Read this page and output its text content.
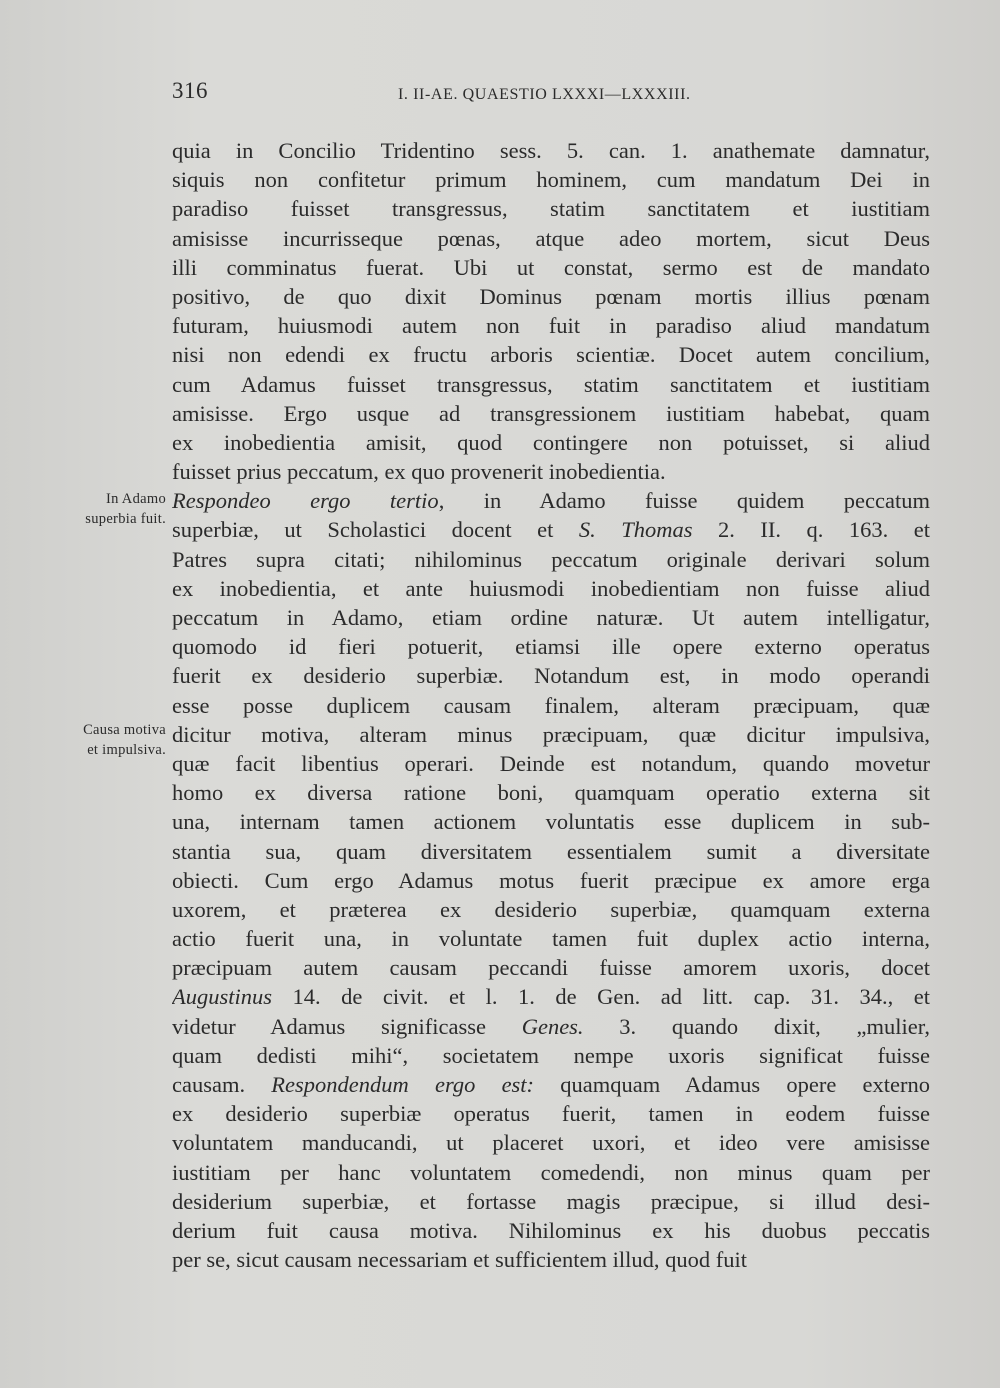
316	I. II-AE. QUAESTIO LXXXI—LXXXIII.
In Adamo
superbia fuit.
Causa motiva
et impulsiva.
quia in Concilio Tridentino sess. 5. can. 1. anathemate damnatur,
siquis non confitetur primum hominem, cum mandatum Dei in
paradiso fuisset transgressus, statim sanctitatem et iustitiam
amisisse incurrisseque pœnas, atque adeo mortem, sicut Deus
illi comminatus fuerat. Ubi ut constat, sermo est de mandato
positivo, de quo dixit Dominus pœnam mortis illius pœnam
futuram, huiusmodi autem non fuit in paradiso aliud mandatum
nisi non edendi ex fructu arboris scientiæ. Docet autem concilium,
cum Adamus fuisset transgressus, statim sanctitatem et iustitiam
amisisse. Ergo usque ad transgressionem iustitiam habebat, quam
ex inobedientia amisit, quod contingere non potuisset, si aliud
fuisset prius peccatum, ex quo provenerit inobedientia.
Respondeo ergo tertio, in Adamo fuisse quidem peccatum
superbiæ, ut Scholastici docent et S. Thomas 2. II. q. 163. et
Patres supra citati; nihilominus peccatum originale derivari solum
ex inobedientia, et ante huiusmodi inobedientiam non fuisse aliud
peccatum in Adamo, etiam ordine naturæ. Ut autem intelligatur,
quomodo id fieri potuerit, etiamsi ille opere externo operatus
fuerit ex desiderio superbiæ. Notandum est, in modo operandi
esse posse duplicem causam finalem, alteram præcipuam, quæ
dicitur motiva, alteram minus præcipuam, quæ dicitur impulsiva,
quæ facit libentius operari. Deinde est notandum, quando movetur
homo ex diversa ratione boni, quamquam operatio externa sit
una, internam tamen actionem voluntatis esse duplicem in sub-
stantia sua, quam diversitatem essentialem sumit a diversitate
obiecti. Cum ergo Adamus motus fuerit præcipue ex amore erga
uxorem, et præterea ex desiderio superbiæ, quamquam externa
actio fuerit una, in voluntate tamen fuit duplex actio interna,
præcipuam autem causam peccandi fuisse amorem uxoris, docet
Augustinus 14. de civit. et l. 1. de Gen. ad litt. cap. 31. 34., et
videtur Adamus significasse Genes. 3. quando dixit, „mulier,
quam dedisti mihi“, societatem nempe uxoris significat fuisse
causam. Respondendum ergo est: quamquam Adamus opere externo
ex desiderio superbiæ operatus fuerit, tamen in eodem fuisse
voluntatem manducandi, ut placeret uxori, et ideo vere amisisse
iustitiam per hanc voluntatem comedendi, non minus quam per
desiderium superbiæ, et fortasse magis præcipue, si illud desi-
derium fuit causa motiva. Nihilominus ex his duobus peccatis
per se, sicut causam necessariam et sufficientem illud, quod fuit
